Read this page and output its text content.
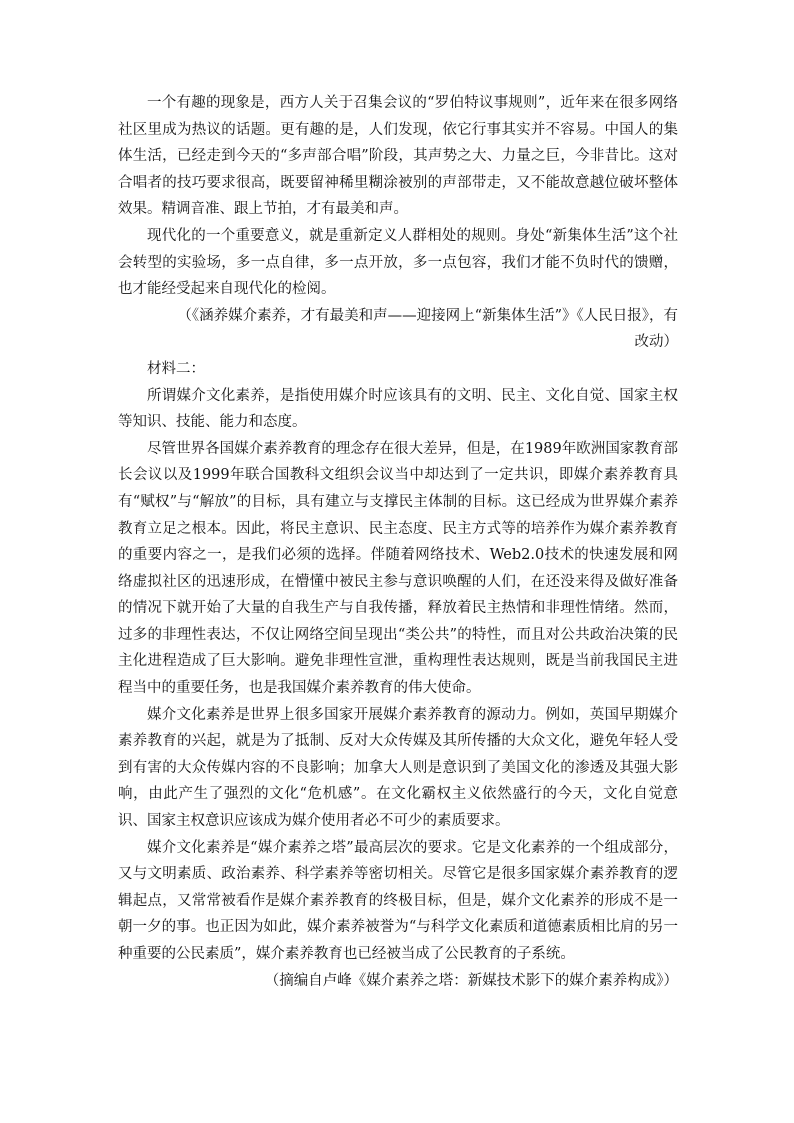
一个有趣的现象是，西方人关于召集会议的“罗伯特议事规则”，近年来在很多网络社区里成为热议的话题。更有趣的是，人们发现，依它行事其实并不容易。中国人的集体生活，已经走到今天的“多声部合唱”阶段，其声势之大、力量之巨，今非昔比。这对合唱者的技巧要求很高，既要留神稀里糊涂被别的声部带走，又不能故意越位破坏整体效果。精调音准、跟上节拍，才有最美和声。

现代化的一个重要意义，就是重新定义人群相处的规则。身处“新集体生活”这个社会转型的实验场，多一点自律，多一点开放，多一点包容，我们才能不负时代的馈赠，也才能经受起来自现代化的检阅。

（《涵养媒介素养，才有最美和声——迎接网上“新集体生活”》《人民日报》，有改动）

材料二：

所谓媒介文化素养，是指使用媒介时应该具有的文明、民主、文化自觉、国家主权等知识、技能、能力和态度。

尽管世界各国媒介素养教育的理念存在很大差异，但是，在1989年欧洲国家教育部长会议以及1999年联合国教科文组织会议当中却达到了一定共识，即媒介素养教育具有“赋权”与“解放”的目标，具有建立与支撑民主体制的目标。这已经成为世界媒介素养教育立足之根本。因此，将民主意识、民主态度、民主方式等的培养作为媒介素养教育的重要内容之一，是我们必须的选择。伴随着网络技术、Web2.0技术的快速发展和网络虚拟社区的迅速形成，在懵懂中被民主参与意识唤醒的人们，在还没来得及做好准备的情况下就开始了大量的自我生产与自我传播，释放着民主热情和非理性情绪。然而，过多的非理性表达，不仅让网络空间呈现出“类公共”的特性，而且对公共政治决策的民主化进程造成了巨大影响。避免非理性宣泄，重构理性表达规则，既是当前我国民主进程当中的重要任务，也是我国媒介素养教育的伟大使命。

媒介文化素养是世界上很多国家开展媒介素养教育的源动力。例如，英国早期媒介素养教育的兴起，就是为了抵制、反对大众传媒及其所传播的大众文化，避免年轻人受到有害的大众传媒内容的不良影响；加拿大人则是意识到了美国文化的渗透及其强大影响，由此产生了强烈的文化“危机感”。在文化霸权主义依然盛行的今天，文化自觉意识、国家主权意识应该成为媒介使用者必不可少的素质要求。

媒介文化素养是“媒介素养之塔”最高层次的要求。它是文化素养的一个组成部分，又与文明素质、政治素养、科学素养等密切相关。尽管它是很多国家媒介素养教育的逻辑起点，又常常被看作是媒介素养教育的终极目标，但是，媒介文化素养的形成不是一朝一夕的事。也正因为如此，媒介素养被誉为“与科学文化素质和道德素质相比肩的另一种重要的公民素质”，媒介素养教育也已经被当成了公民教育的子系统。

（摘编自卢峰《媒介素养之塔：新媒技术影下的媒介素养构成》）
